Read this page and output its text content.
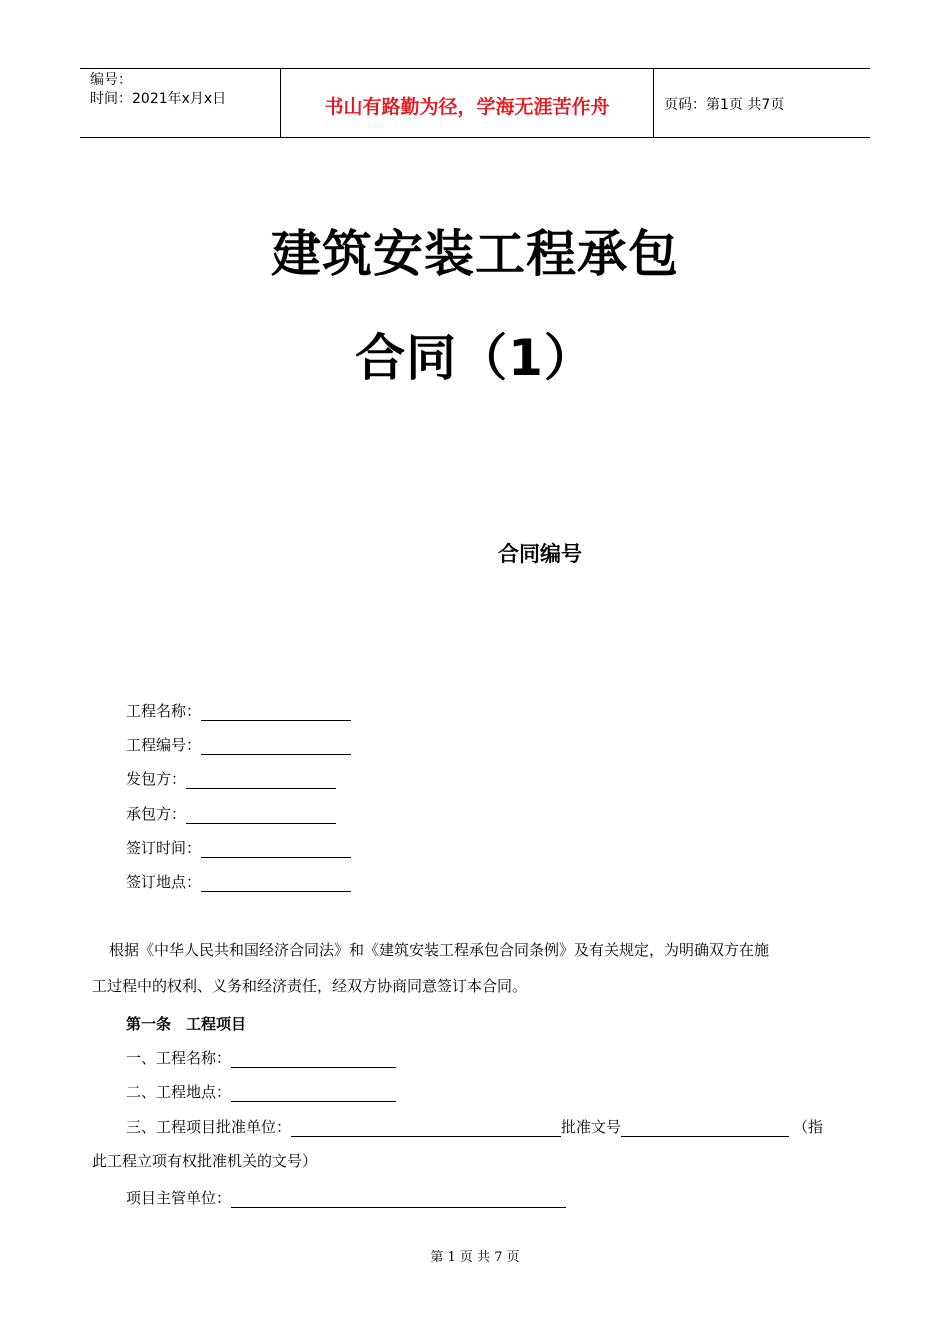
编号：
时间：2021年x月x日	书山有路勤为径，学海无涯苦作舟	页码：第1页 共7页
建筑安装工程承包
合同（1）
合同编号
工程名称：
工程编号：
发包方：
承包方：
签订时间：
签订地点：
根据《中华人民共和国经济合同法》和《建筑安装工程承包合同条例》及有关规定，为明确双方在施
工过程中的权利、义务和经济责任，经双方协商同意签订本合同。
第一条　工程项目
一、工程名称：
二、工程地点：
三、工程项目批准单位：	批准文号	（指
此工程立项有权批准机关的文号）
项目主管单位：
第 1 页 共 7 页
